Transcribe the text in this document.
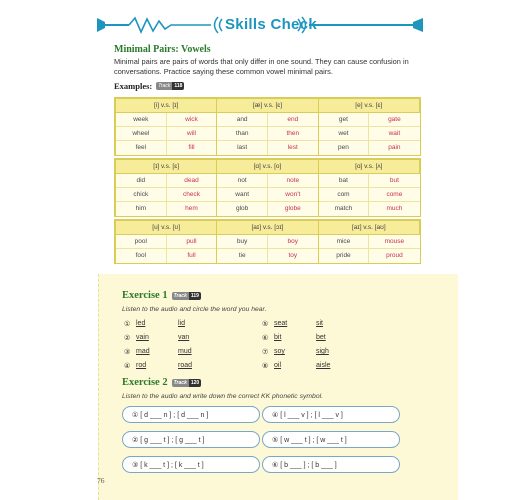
Skills Check
Minimal Pairs: Vowels
Minimal pairs are pairs of words that only differ in one sound. They can cause confusion in conversations. Practice saying these common vowel minimal pairs.
Examples:	Track 118
[i] v.s. [ɪ]		[æ] v.s. [ɛ]		[e] v.s. [ɛ]	
week	wick	and	end	get	gate
wheel	will	than	then	wet	wait
feel	fill	last	lest	pen	pain
[ɪ] v.s. [ɛ]		[ɑ] v.s. [o]		[ɑ] v.s. [ʌ]	
did	dead	not	note	bat	but
chick	check	want	won't	com	come
him	hem	glob	globe	match	much
[u] v.s. [ʊ]		[aɪ] v.s. [ɔɪ]		[aɪ] v.s. [aʊ]	
pool	pull	buy	boy	mice	mouse
fool	full	tie	toy	pride	proud
Exercise 1	Track 119
Listen to the audio and circle the word you hear.
① led	lid
② vain	van
③ mad	mud
④ rod	road
⑤ seat	sit
⑥ bit	bet
⑦ soy	sigh
⑧ oil	aisle
Exercise 2	Track 120
Listen to the audio and write down the correct KK phonetic symbol.
① [ d ___ n ] ; [ d ___ n ]	④ [ l ___ v ] ; [ l ___ v ]
② [ g ___ t ] ; [ g ___ t ]	⑤ [ w ___ t ] ; [ w ___ t ]
③ [ k ___ t ] ; [ k ___ t ]	⑥ [ b ___ ] ; [ b ___ ]
76
